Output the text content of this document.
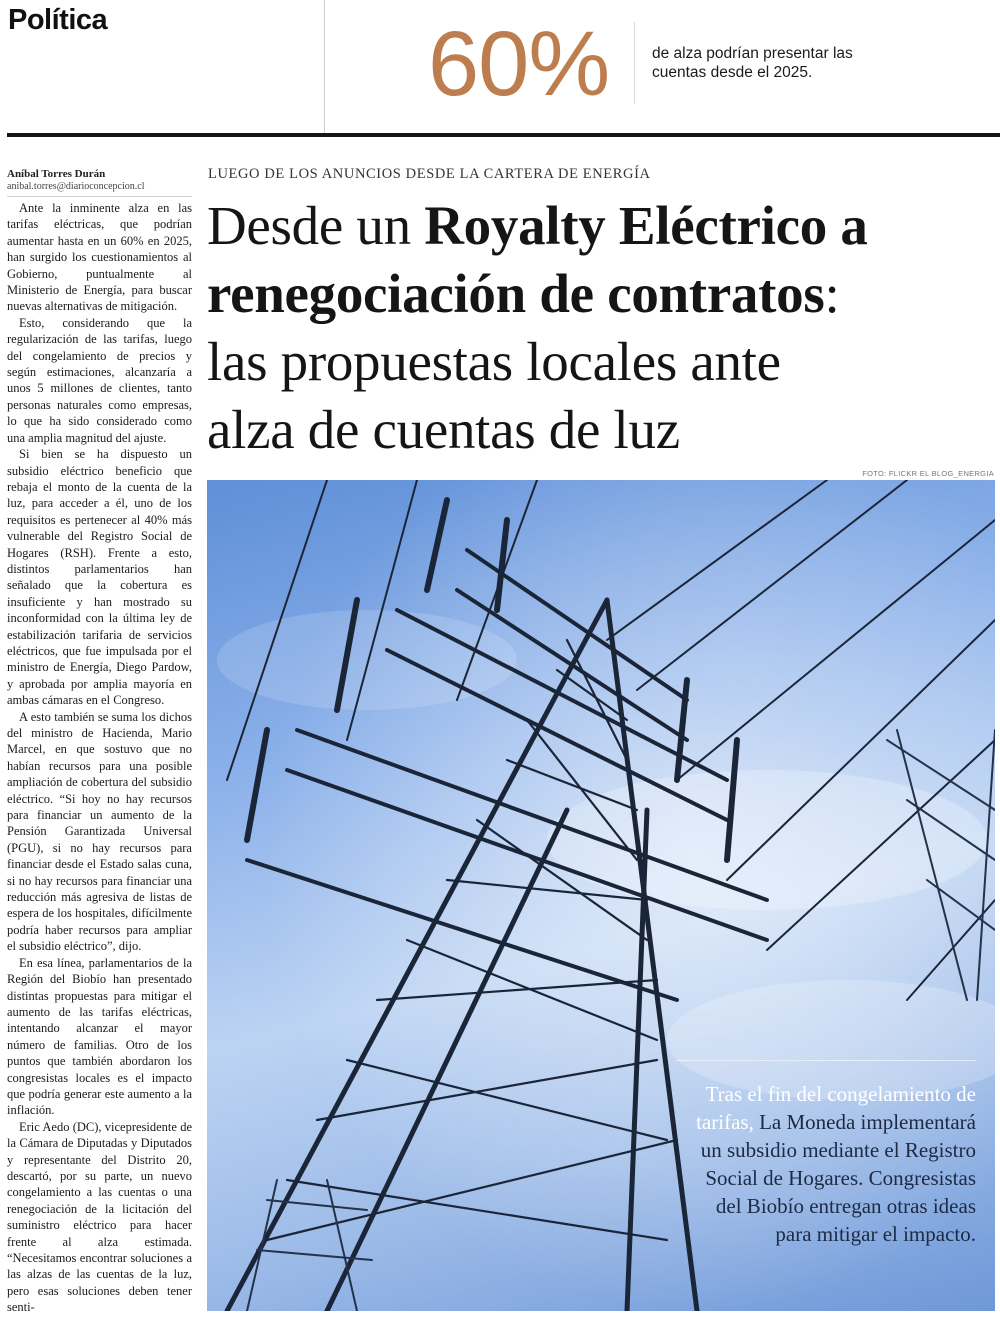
Política	60%	de alza podrían presentar las cuentas desde el 2025.
Aníbal Torres Durán
anibal.torres@diarioconcepcion.cl

Ante la inminente alza en las tarifas eléctricas, que podrían aumentar hasta en un 60% en 2025, han surgido los cuestionamientos al Gobierno, puntualmente al Ministerio de Energía, para buscar nuevas alternativas de mitigación.

Esto, considerando que la regularización de las tarifas, luego del congelamiento de precios y según estimaciones, alcanzaría a unos 5 millones de clientes, tanto personas naturales como empresas, lo que ha sido considerado como una amplia magnitud del ajuste.

Si bien se ha dispuesto un subsidio eléctrico beneficio que rebaja el monto de la cuenta de la luz, para acceder a él, uno de los requisitos es pertenecer al 40% más vulnerable del Registro Social de Hogares (RSH). Frente a esto, distintos parlamentarios han señalado que la cobertura es insuficiente y han mostrado su inconformidad con la última ley de estabilización tarifaria de servicios eléctricos, que fue impulsada por el ministro de Energía, Diego Pardow, y aprobada por amplia mayoría en ambas cámaras en el Congreso.

A esto también se suma los dichos del ministro de Hacienda, Mario Marcel, en que sostuvo que no habían recursos para una posible ampliación de cobertura del subsidio eléctrico. “Si hoy no hay recursos para financiar un aumento de la Pensión Garantizada Universal (PGU), si no hay recursos para financiar desde el Estado salas cuna, si no hay recursos para financiar una reducción más agresiva de listas de espera de los hospitales, difícilmente podría haber recursos para ampliar el subsidio eléctrico”, dijo.

En esa línea, parlamentarios de la Región del Biobío han presentado distintas propuestas para mitigar el aumento de las tarifas eléctricas, intentando alcanzar el mayor número de familias. Otro de los puntos que también abordaron los congresistas locales es el impacto que podría generar este aumento a la inflación.

Eric Aedo (DC), vicepresidente de la Cámara de Diputadas y Diputados y representante del Distrito 20, descartó, por su parte, un nuevo congelamiento a las cuentas o una renegociación de la licitación del suministro eléctrico para hacer frente al alza estimada. “Necesitamos encontrar soluciones a las alzas de las cuentas de la luz, pero esas soluciones deben tener senti-

LUEGO DE LOS ANUNCIOS DESDE LA CARTERA DE ENERGÍA
Desde un Royalty Eléctrico a
renegociación de contratos:
las propuestas locales ante
alza de cuentas de luz
FOTO: FLICKR EL BLOG_ENERGIA
Tras el fin del congelamiento de tarifas, La Moneda implementará un subsidio mediante el Registro Social de Hogares. Congresistas del Biobío entregan otras ideas para mitigar el impacto.
